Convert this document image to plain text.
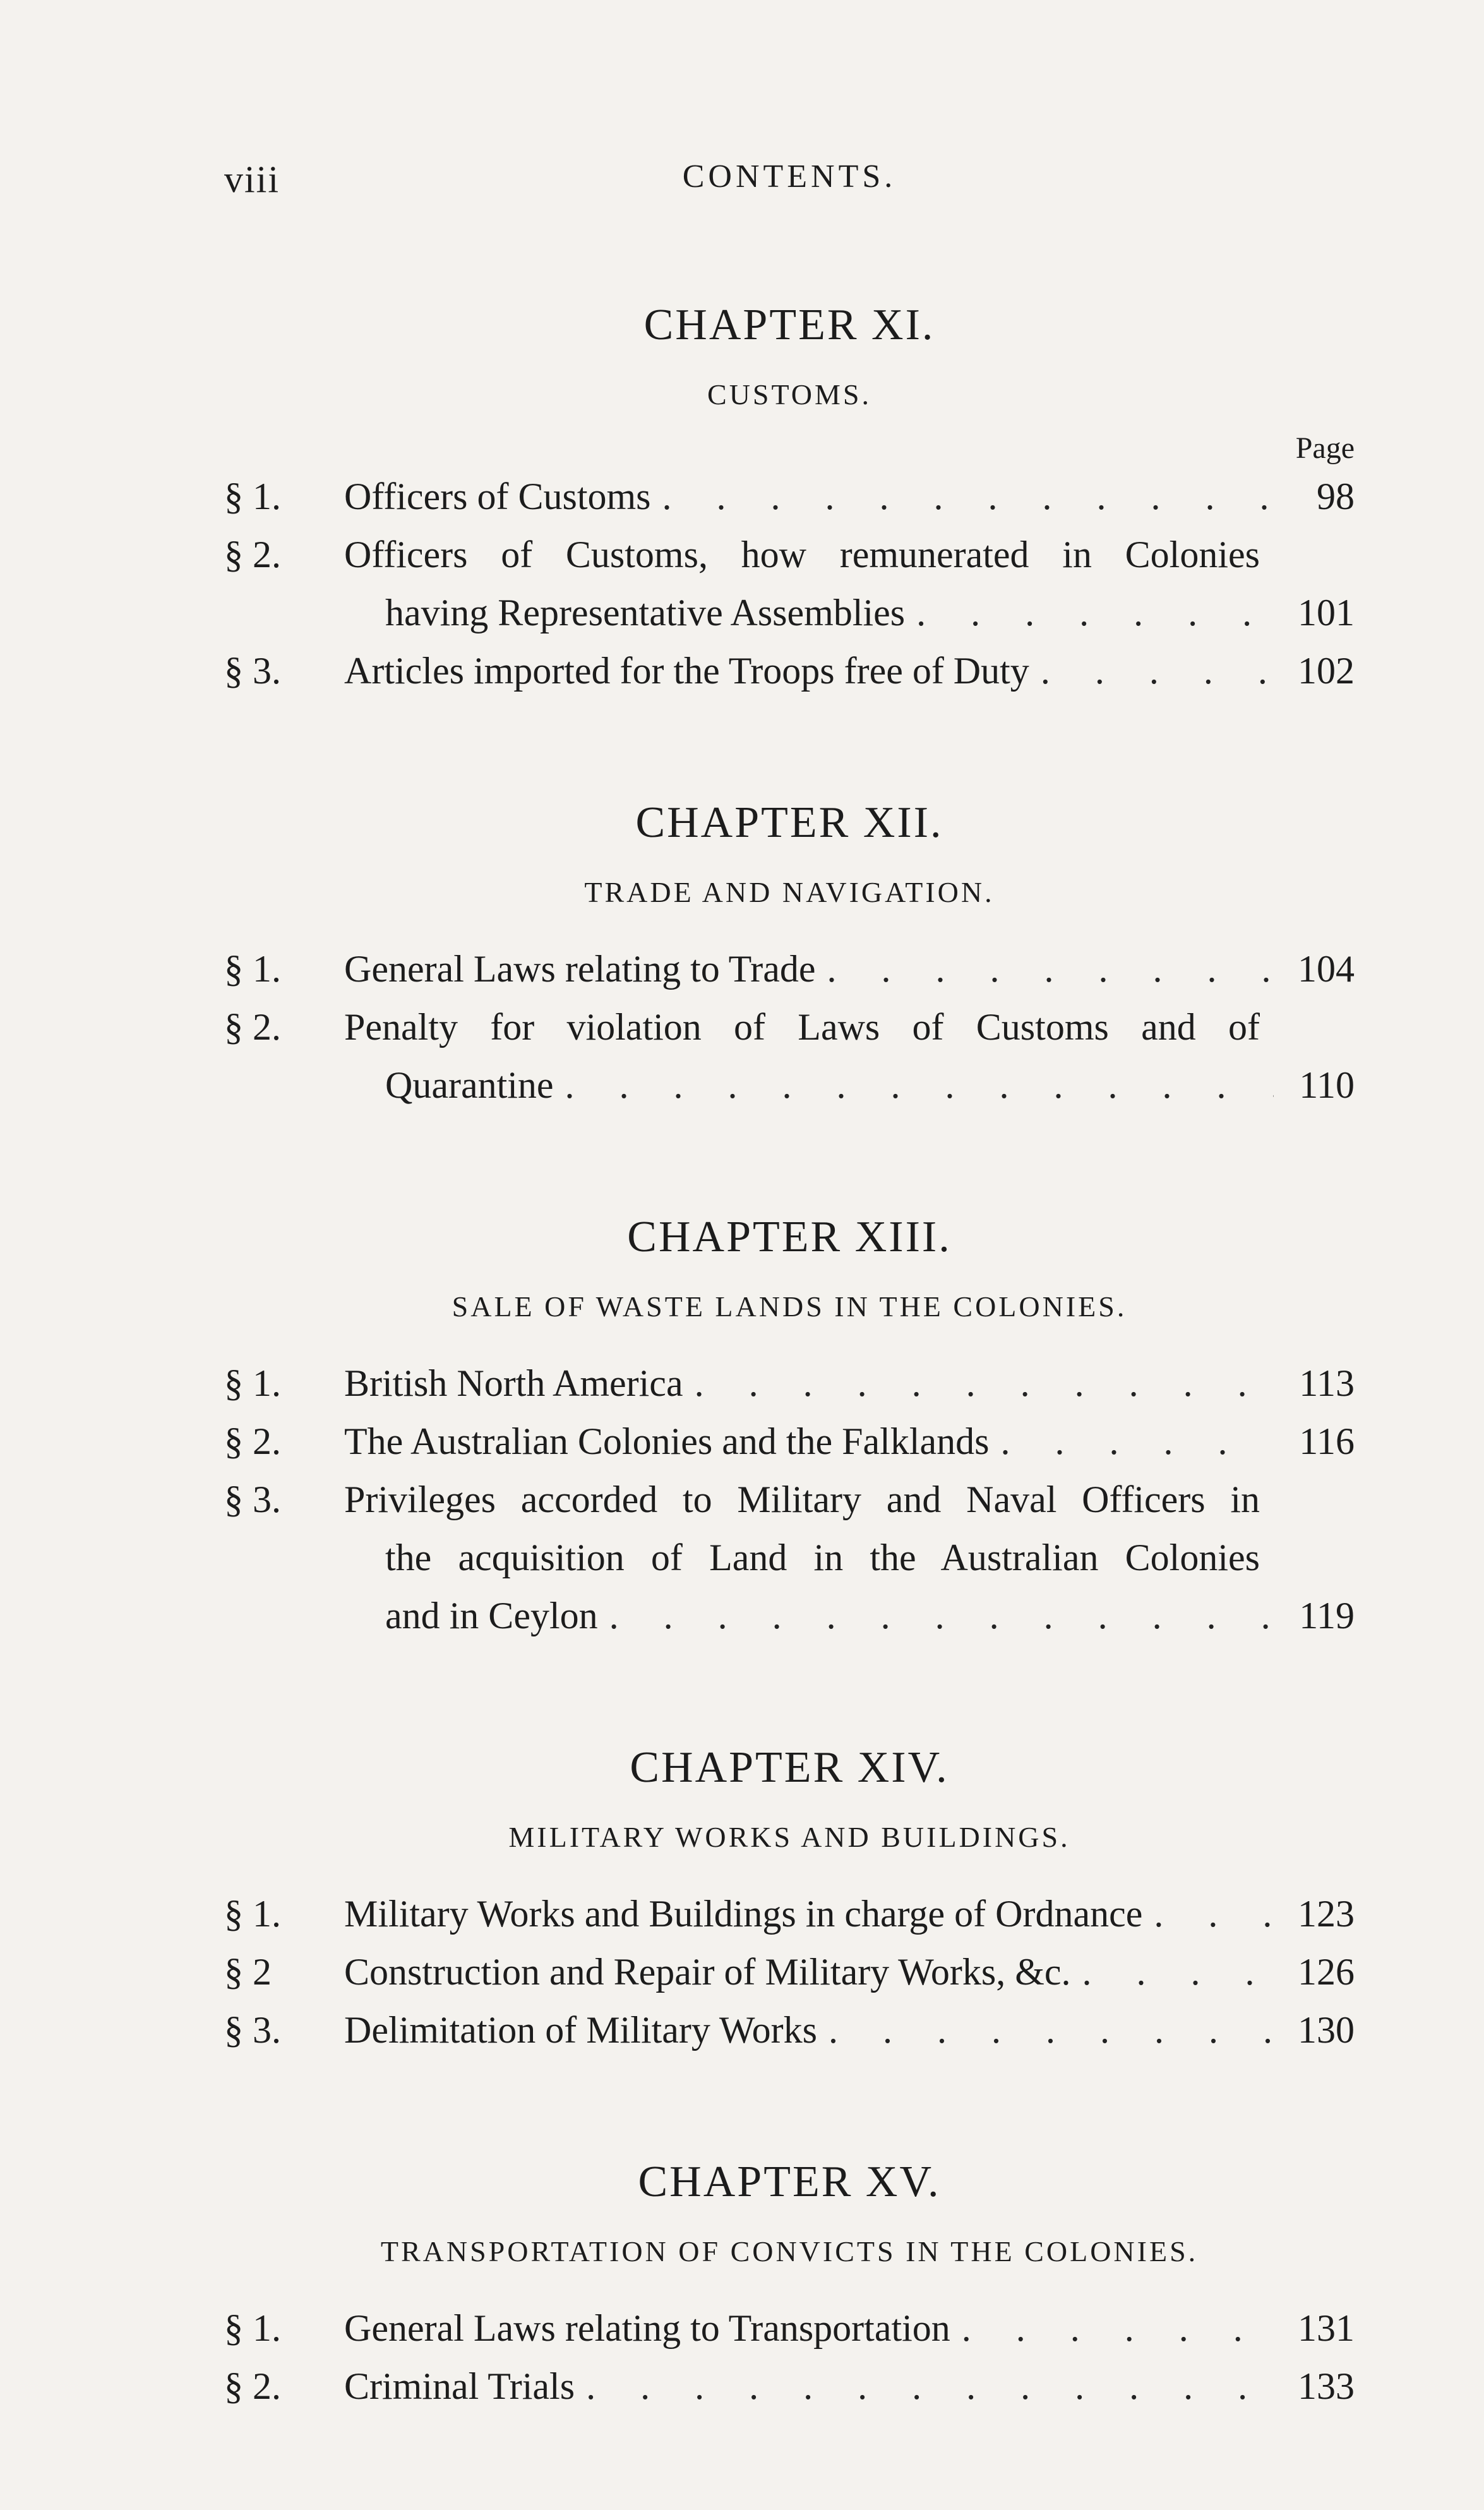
viii	CONTENTS.
CHAPTER XI.
CUSTOMS.
Page
§ 1.	Officers of Customs . . .	98
§ 2.	Officers of Customs, how remunerated in Colonies
having Representative Assemblies . . .	101
§ 3.	Articles imported for the Troops free of Duty . . .	102
CHAPTER XII.
TRADE AND NAVIGATION.
§ 1.	General Laws relating to Trade . . .	104
§ 2.	Penalty for violation of Laws of Customs and of
Quarantine . . .	110
CHAPTER XIII.
SALE OF WASTE LANDS IN THE COLONIES.
§ 1.	British North America . . .	113
§ 2.	The Australian Colonies and the Falklands . . .	116
§ 3.	Privileges accorded to Military and Naval Officers in
the acquisition of Land in the Australian Colonies
and in Ceylon . . .	119
CHAPTER XIV.
MILITARY WORKS AND BUILDINGS.
§ 1.	Military Works and Buildings in charge of Ordnance . . .	123
§ 2	Construction and Repair of Military Works, &c. . . .	126
§ 3.	Delimitation of Military Works . . .	130
CHAPTER XV.
TRANSPORTATION OF CONVICTS IN THE COLONIES.
§ 1.	General Laws relating to Transportation . . .	131
§ 2.	Criminal Trials . . .	133
